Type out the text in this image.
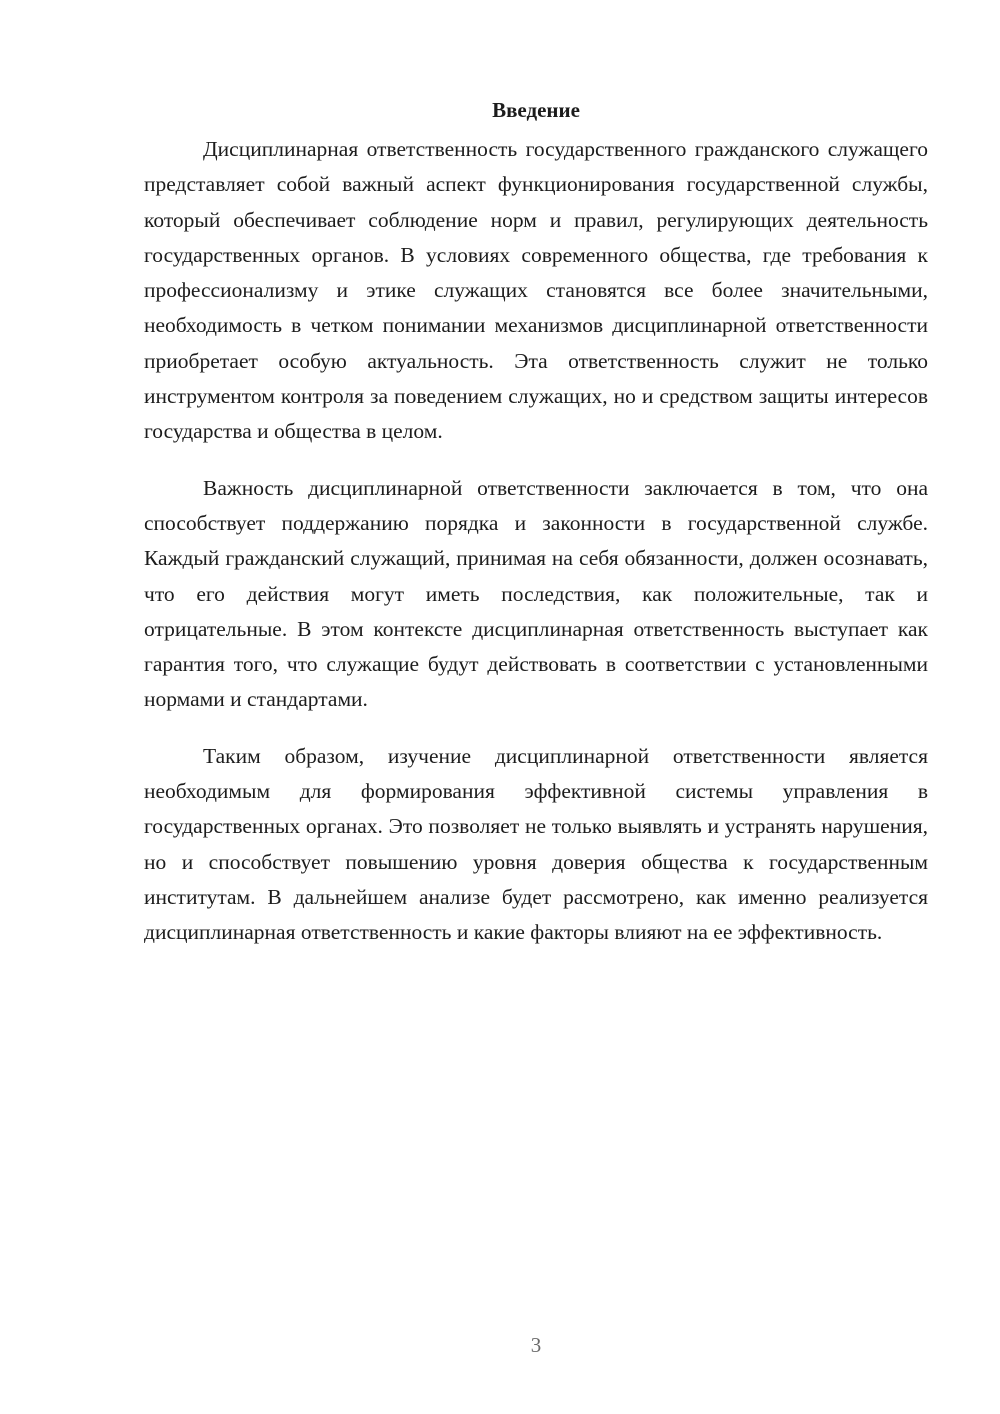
Введение

Дисциплинарная ответственность государственного гражданского служащего представляет собой важный аспект функционирования государственной службы, который обеспечивает соблюдение норм и правил, регулирующих деятельность государственных органов. В условиях современного общества, где требования к профессионализму и этике служащих становятся все более значительными, необходимость в четком понимании механизмов дисциплинарной ответственности приобретает особую актуальность. Эта ответственность служит не только инструментом контроля за поведением служащих, но и средством защиты интересов государства и общества в целом.

Важность дисциплинарной ответственности заключается в том, что она способствует поддержанию порядка и законности в государственной службе. Каждый гражданский служащий, принимая на себя обязанности, должен осознавать, что его действия могут иметь последствия, как положительные, так и отрицательные. В этом контексте дисциплинарная ответственность выступает как гарантия того, что служащие будут действовать в соответствии с установленными нормами и стандартами.

Таким образом, изучение дисциплинарной ответственности является необходимым для формирования эффективной системы управления в государственных органах. Это позволяет не только выявлять и устранять нарушения, но и способствует повышению уровня доверия общества к государственным институтам. В дальнейшем анализе будет рассмотрено, как именно реализуется дисциплинарная ответственность и какие факторы влияют на ее эффективность.

3
